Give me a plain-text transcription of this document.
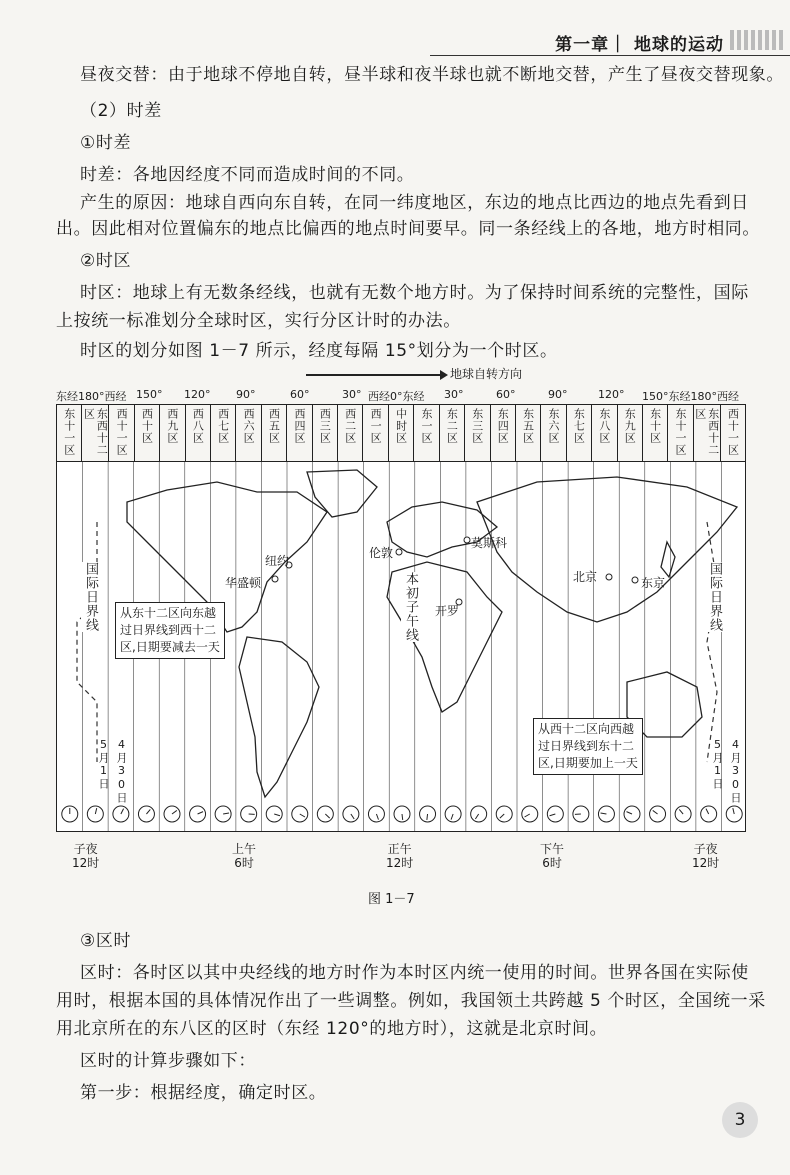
第一章｜ 地球的运动
昼夜交替：由于地球不停地自转，昼半球和夜半球也就不断地交替，产生了昼夜交替现象。
（2）时差
①时差
时差：各地因经度不同而造成时间的不同。
产生的原因：地球自西向东自转，在同一纬度地区，东边的地点比西边的地点先看到日
出。因此相对位置偏东的地点比偏西的地点时间要早。同一条经线上的各地，地方时相同。
②时区
时区：地球上有无数条经线，也就有无数个地方时。为了保持时间系统的完整性，国际
上按统一标准划分全球时区，实行分区计时的办法。
时区的划分如图 1－7 所示，经度每隔 15°划分为一个时区。
地球自转方向
东经180°西经 150° 120° 90°	60°	30° 西经0°东经 30°	60°	90°	120° 150°东经180°西经
东十一区	东西十二区	西十一区	西十区	西九区	西八区	西七区	西六区	西五区	西四区	西三区	西二区	西一区	中时区	东一区	东二区	东三区	东四区	东五区	东六区	东七区	东八区	东九区	东十区	东十一区	东西十二区	西十一区
莫斯科
伦敦
纽约
华盛顿
开罗
北京	东京
国际日界线	国际日界线
本初子午线
从东十二区向东越
过日界线到西十二
区,日期要减去一天
从西十二区向西越
过日界线到东十二
区,日期要加上一天
5月1日
4月30日
5月1日
4月30日
子夜
12时
上午
6时
正午
12时
下午
6时
子夜
12时
图 1－7
③区时
区时：各时区以其中央经线的地方时作为本时区内统一使用的时间。世界各国在实际使
用时，根据本国的具体情况作出了一些调整。例如，我国领土共跨越 5 个时区，全国统一采
用北京所在的东八区的区时（东经 120°的地方时），这就是北京时间。
区时的计算步骤如下：
第一步：根据经度，确定时区。
3
